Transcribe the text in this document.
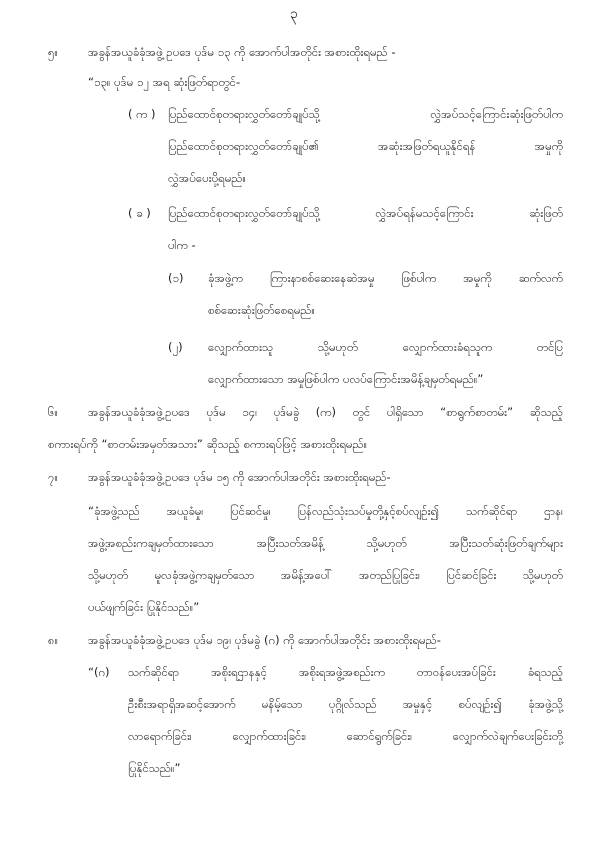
၃
၅။	အခွန်အယူခံခုံအဖွဲ့ ဥပဒေ ပုဒ်မ ၁၃ ကို အောက်ပါအတိုင်း အစားထိုးရမည် -
“၁၃။ ပုဒ်မ ၁၂ အရ ဆုံးဖြတ်ရာတွင်-
( က ) ပြည်ထောင်စုတရားလွှတ်တော်ချုပ်သို့ လွှဲအပ်သင့်ကြောင်းဆုံးဖြတ်ပါက
ပြည်ထောင်စုတရားလွှတ်တော်ချုပ်၏ အဆုံးအဖြတ်ရယူနိုင်ရန် အမှုကို
လွှဲအပ်ပေးပို့ရမည်။
( ခ ) ပြည်ထောင်စုတရားလွှတ်တော်ချုပ်သို့ လွှဲအပ်ရန်မသင့်ကြောင်း ဆုံးဖြတ်
ပါက -
(၁) ခုံအဖွဲ့က ကြားနာစစ်ဆေးနေဆဲအမှု ဖြစ်ပါက အမှုကို ဆက်လက်
စစ်ဆေးဆုံးဖြတ်စေရမည်။
(၂) လျှောက်ထားသူ သို့မဟုတ် လျှောက်ထားခံရသူက တင်ပြ
လျှောက်ထားသော အမှုဖြစ်ပါက ပလပ်ကြောင်းအမိန့်ချမှတ်ရမည်။”
၆။	အခွန်အယူခံခုံအဖွဲ့ဥပဒေ ပုဒ်မ ၁၄၊ ပုဒ်မခွဲ (က) တွင် ပါရှိသော “စာရွက်စာတမ်း” ဆိုသည့်
စကားရပ်ကို “စာတမ်းအမှတ်အသား” ဆိုသည့် စကားရပ်ဖြင့် အစားထိုးရမည်။
၇။	အခွန်အယူခံခုံအဖွဲ့ဥပဒေ ပုဒ်မ ၁၅ ကို အောက်ပါအတိုင်း အစားထိုးရမည်-
“ခုံအဖွဲ့သည် အယူခံမှု၊ ပြင်ဆင်မှု၊ ပြန်လည်သုံးသပ်မှုတို့နှင့်စပ်လျဉ်း၍ သက်ဆိုင်ရာ ဌာန၊
အဖွဲ့အစည်းကချမှတ်ထားသော အပြီးသတ်အမိန့် သို့မဟုတ် အပြီးသတ်ဆုံးဖြတ်ချက်များ
သို့မဟုတ် မူလခုံအဖွဲ့ကချမှတ်သော အမိန့်အပေါ် အတည်ပြုခြင်း၊ ပြင်ဆင်ခြင်း သို့မဟုတ်
ပယ်ဖျက်ခြင်း ပြုနိုင်သည်။”
၈။	အခွန်အယူခံခုံအဖွဲ့ဥပဒေ ပုဒ်မ ၁၉၊ ပုဒ်မခွဲ (ဂ) ကို အောက်ပါအတိုင်း အစားထိုးရမည်-
“(ဂ) သက်ဆိုင်ရာ အစိုးရဌာနနှင့် အစိုးရအဖွဲ့အစည်းက တာဝန်ပေးအပ်ခြင်း ခံရသည့်
ဦးစီးအရာရှိအဆင့်အောက် မနိမ့်သော ပုဂ္ဂိုလ်သည် အမှုနှင့် စပ်လျဉ်း၍ ခုံအဖွဲ့သို့
လာရောက်ခြင်း၊ လျှောက်ထားခြင်း၊ ဆောင်ရွက်ခြင်း၊ လျှောက်လဲချက်ပေးခြင်းတို့
ပြုနိုင်သည်။”
